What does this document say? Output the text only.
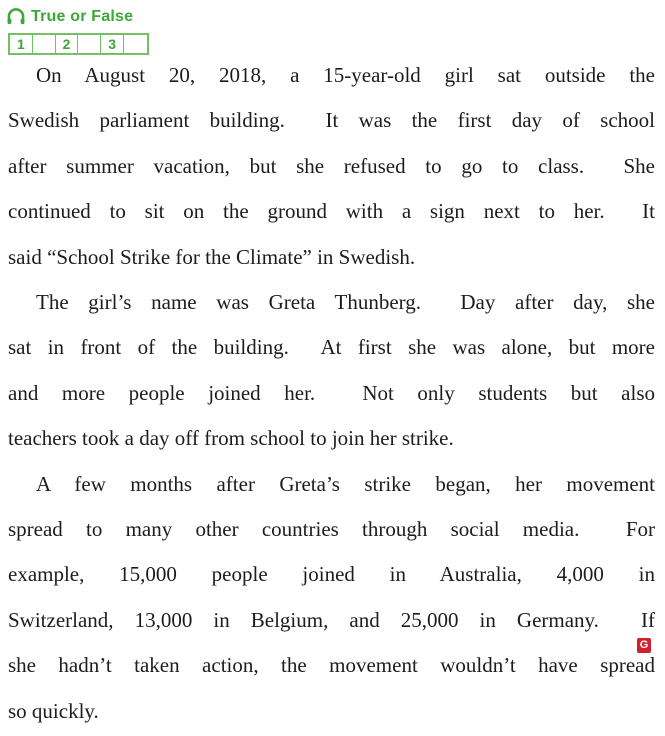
True or False
1	2	3
On August 20, 2018, a 15-year-old girl sat outside the
Swedish parliament building.  It was the first day of school
after summer vacation, but she refused to go to class.  She
continued to sit on the ground with a sign next to her.  It
said “School Strike for the Climate” in Swedish.
The girl’s name was Greta Thunberg.  Day after day, she
sat in front of the building.  At first she was alone, but more
and more people joined her.  Not only students but also
teachers took a day off from school to join her strike.
A few months after Greta’s strike began, her movement
spread to many other countries through social media.  For
example, 15,000 people joined in Australia, 4,000 in
Switzerland, 13,000 in Belgium, and 25,000 in Germany.  If
she hadn’t taken action, the movement wouldn’t have spread
so quickly.
G
